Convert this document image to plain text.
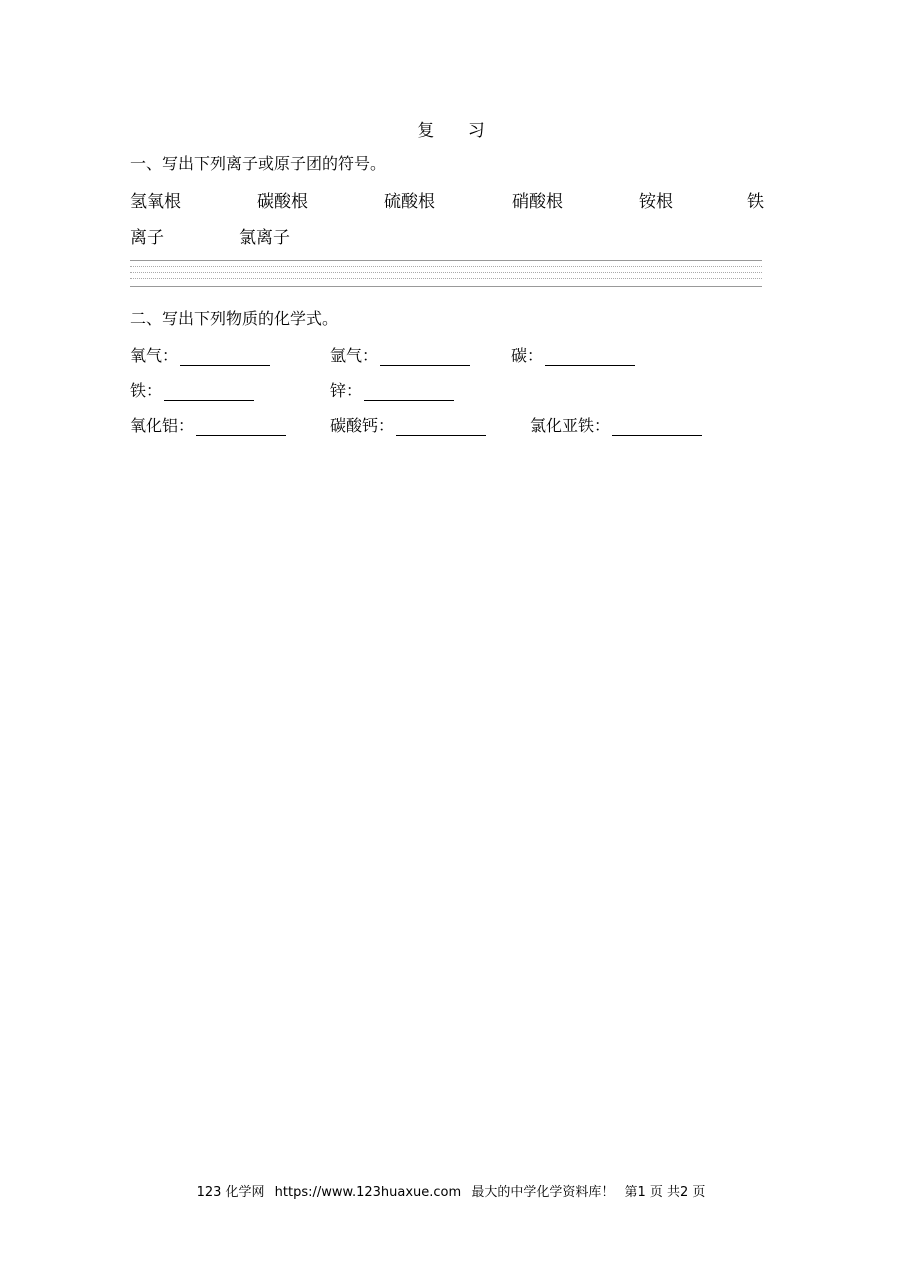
复 习
一、写出下列离子或原子团的符号。
氢氧根	碳酸根	硫酸根	硝酸根	铵根	铁
离子	氯离子
二、写出下列物质的化学式。
氧气：	氩气：	碳：
铁：	锌：
氧化铝：	碳酸钙：	氯化亚铁：
123 化学网 https://www.123huaxue.com 最大的中学化学资料库！ 第1 页 共2 页
